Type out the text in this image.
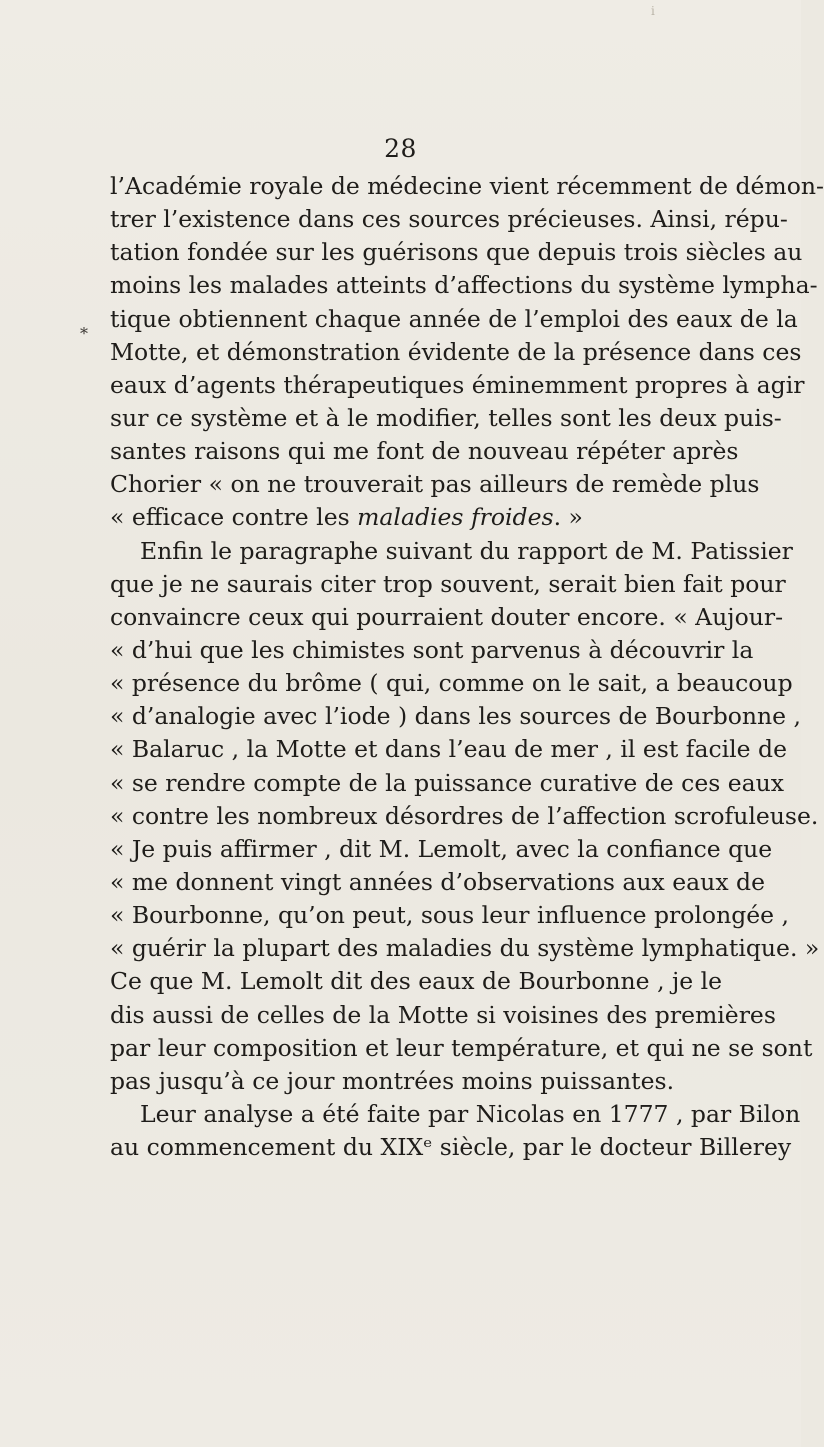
i
28
*
l’Académie royale de médecine vient récemment de démon-
trer l’existence dans ces sources précieuses. Ainsi, répu-
tation fondée sur les guérisons que depuis trois siècles au
moins les malades atteints d’affections du système lympha-
tique obtiennent chaque année de l’emploi des eaux de la
Motte, et démonstration évidente de la présence dans ces
eaux d’agents thérapeutiques éminemment propres à agir
sur ce système et à le modifier, telles sont les deux puis-
santes raisons qui me font de nouveau répéter après
Chorier « on ne trouverait pas ailleurs de remède plus
« efficace contre les maladies froides. »
Enfin le paragraphe suivant du rapport de M. Patissier
que je ne saurais citer trop souvent, serait bien fait pour
convaincre ceux qui pourraient douter encore. « Aujour-
« d’hui que les chimistes sont parvenus à découvrir la
« présence du brôme ( qui, comme on le sait, a beaucoup
« d’analogie avec l’iode ) dans les sources de Bourbonne ,
« Balaruc , la Motte et dans l’eau de mer , il est facile de
« se rendre compte de la puissance curative de ces eaux
« contre les nombreux désordres de l’affection scrofuleuse.
« Je puis affirmer , dit M. Lemolt, avec la confiance que
« me donnent vingt années d’observations aux eaux de
« Bourbonne, qu’on peut, sous leur influence prolongée ,
« guérir la plupart des maladies du système lymphatique. »
Ce que M. Lemolt dit des eaux de Bourbonne , je le
dis aussi de celles de la Motte si voisines des premières
par leur composition et leur température, et qui ne se sont
pas jusqu’à ce jour montrées moins puissantes.
Leur analyse a été faite par Nicolas en 1777 , par Bilon
au commencement du XIXᵉ siècle, par le docteur Billerey
